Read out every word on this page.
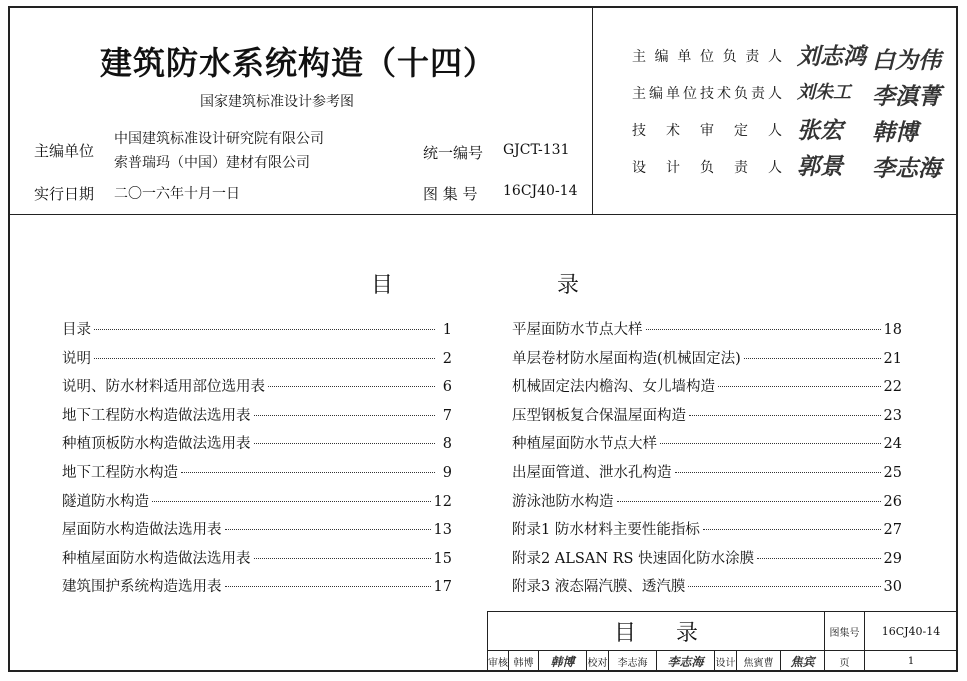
建筑防水系统构造（十四）
国家建筑标准设计参考图
主编单位
中国建筑标准设计研究院有限公司
索普瑞玛（中国）建材有限公司
实行日期 二〇一六年十月一日
统一编号 GJCT-131
图 集 号 16CJ40-14
主编单位负责人 刘志鸿 白为伟
主编单位技术负责人 刘朱工 李滇菁
技术审定人 张宏 韩博
设计负责人 郭景 李志海
目	录
目录	1
说明	2
说明、防水材料适用部位选用表	6
地下工程防水构造做法选用表	7
种植顶板防水构造做法选用表	8
地下工程防水构造	9
隧道防水构造	12
屋面防水构造做法选用表	13
种植屋面防水构造做法选用表	15
建筑围护系统构造选用表	17
平屋面防水节点大样	18
单层卷材防水屋面构造(机械固定法)	21
机械固定法内檐沟、女儿墙构造	22
压型钢板复合保温屋面构造	23
种植屋面防水节点大样	24
出屋面管道、泄水孔构造	25
游泳池防水构造	26
附录1 防水材料主要性能指标	27
附录2 ALSAN RS 快速固化防水涂膜	29
附录3 液态隔汽膜、透汽膜	30
目录	图集号	16CJ40-14
审核 韩博	韩博	校对	李志海	李志海	设计 焦賓曹	焦宾	页	1
